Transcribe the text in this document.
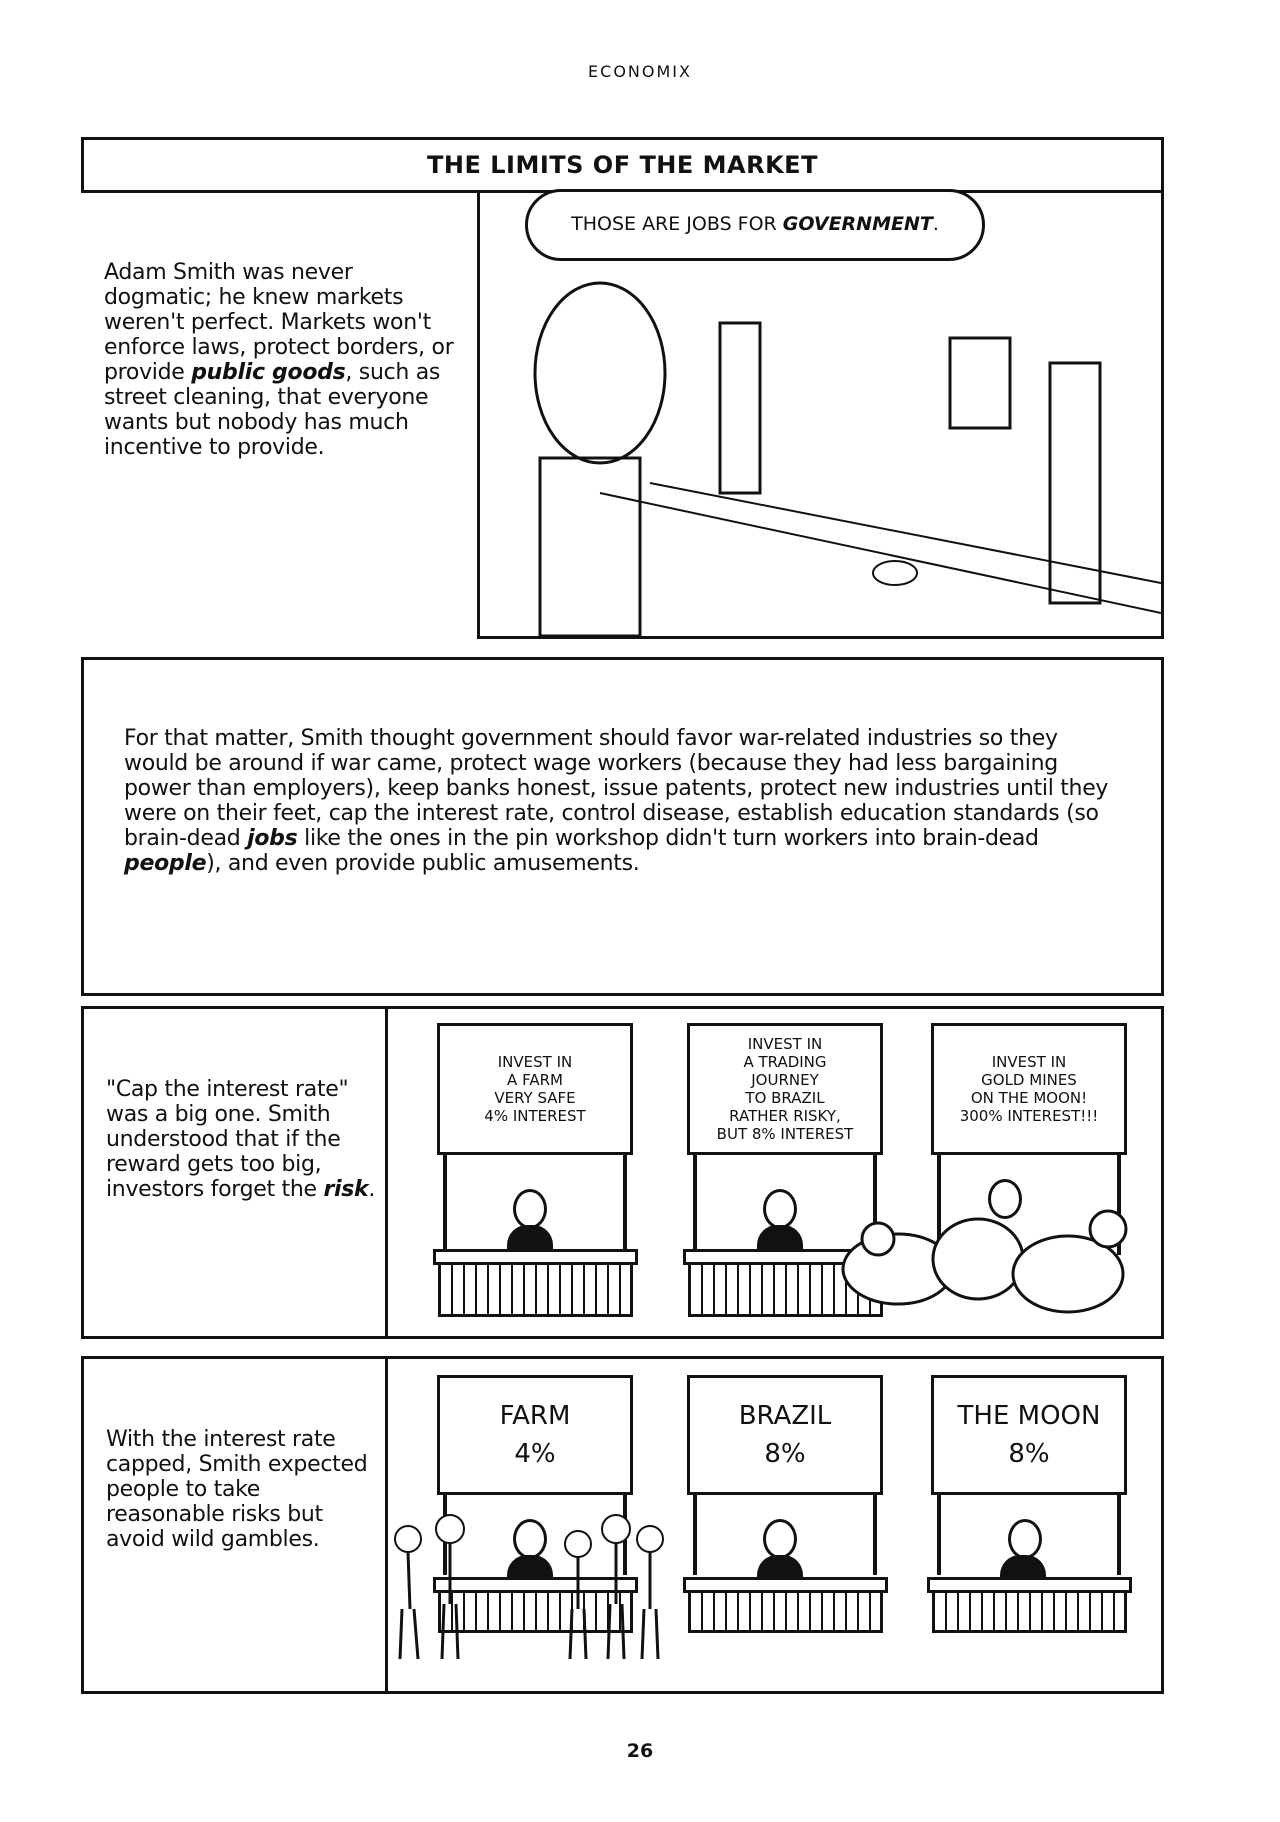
ECONOMIX
THE LIMITS OF THE MARKET
Adam Smith was never dogmatic; he knew markets weren't perfect. Markets won't enforce laws, protect borders, or provide public goods, such as street cleaning, that everyone wants but nobody has much incentive to provide.
THOSE ARE JOBS FOR GOVERNMENT.
For that matter, Smith thought government should favor war-related industries so they would be around if war came, protect wage workers (because they had less bargaining power than employers), keep banks honest, issue patents, protect new industries until they were on their feet, cap the interest rate, control disease, establish education standards (so brain-dead jobs like the ones in the pin workshop didn't turn workers into brain-dead people), and even provide public amusements.
"Cap the interest rate" was a big one. Smith understood that if the reward gets too big, investors forget the risk.
INVEST IN
A FARM
VERY SAFE
4% INTEREST
INVEST IN
A TRADING
JOURNEY
TO BRAZIL
RATHER RISKY,
BUT 8% INTEREST
INVEST IN
GOLD MINES
ON THE MOON!
300% INTEREST!!!
With the interest rate capped, Smith expected people to take reasonable risks but avoid wild gambles.
FARM
4%
BRAZIL
8%
THE MOON
8%
26
